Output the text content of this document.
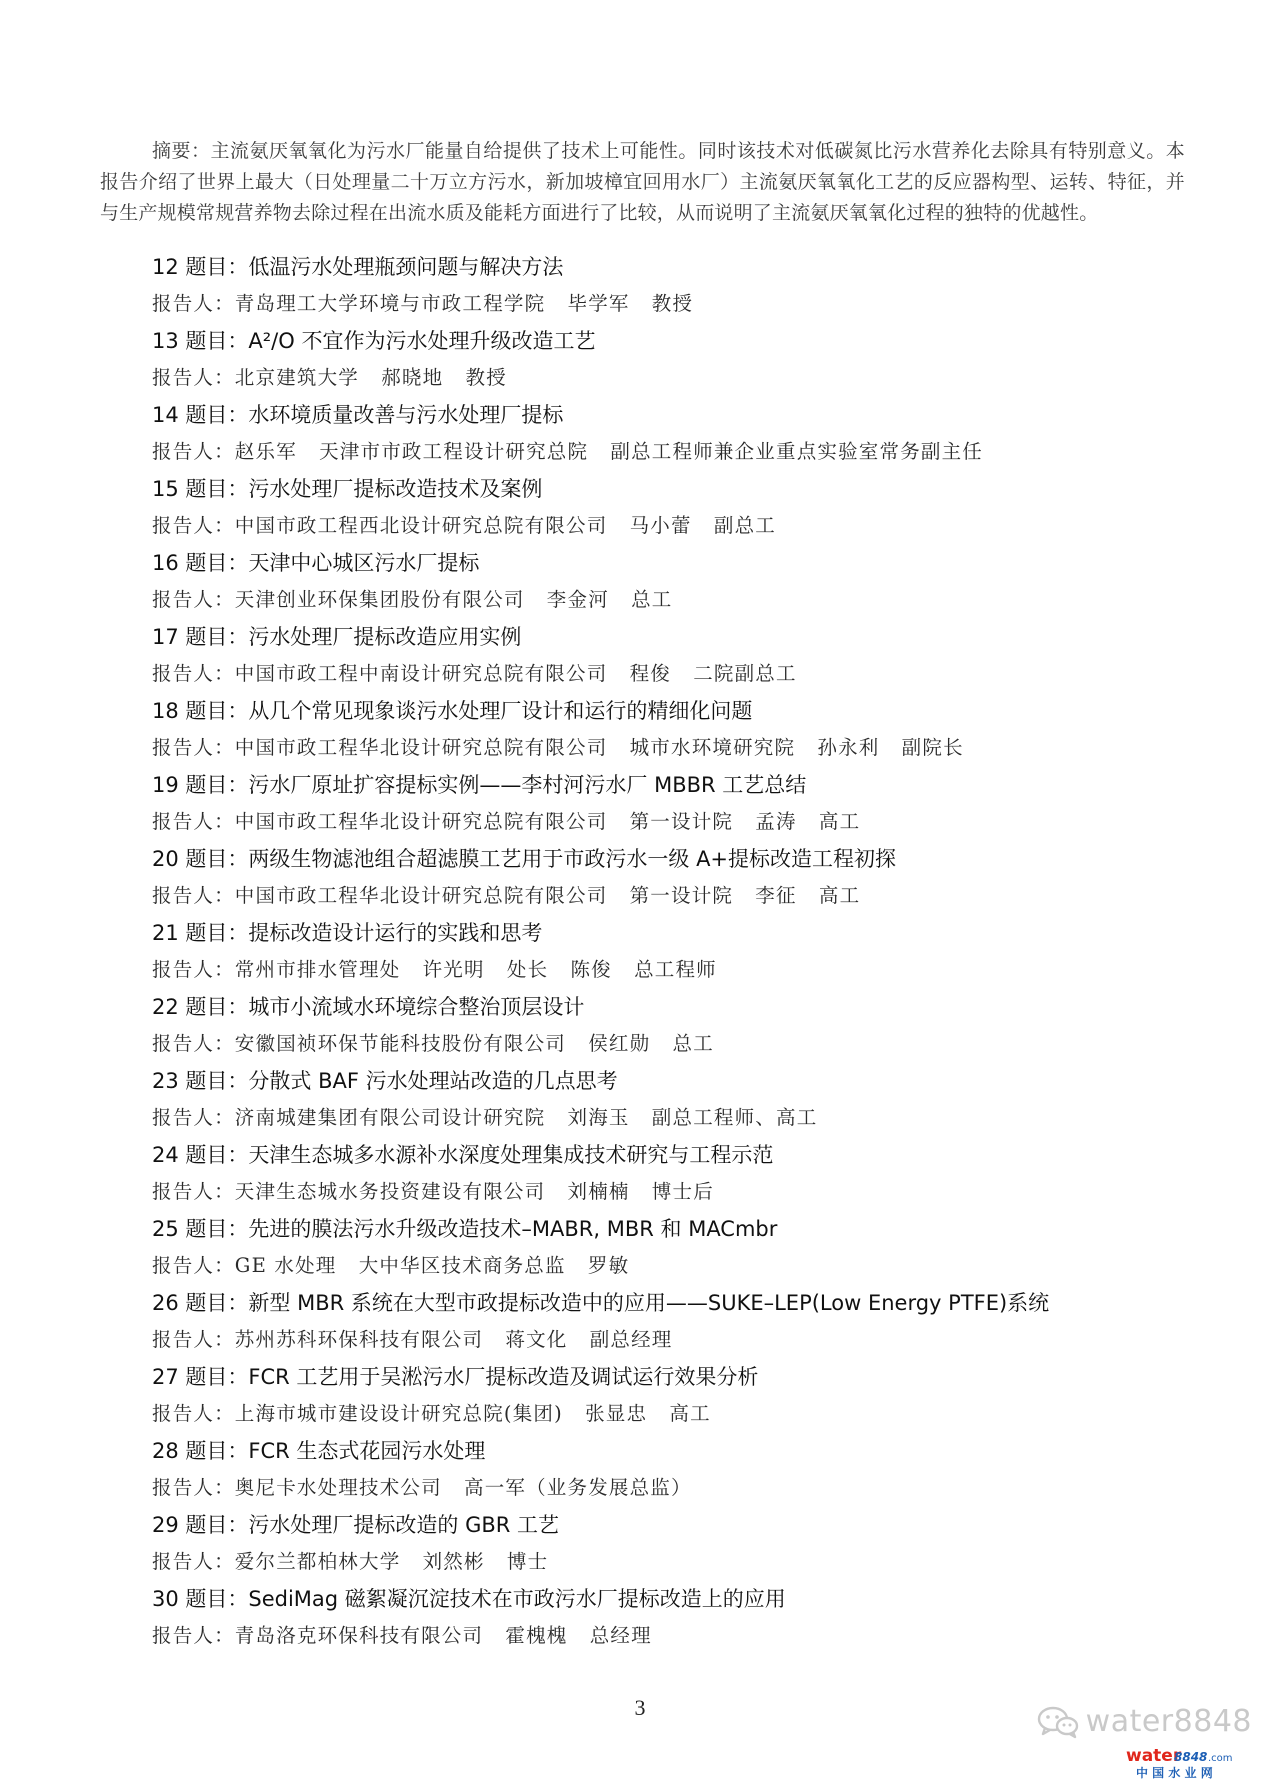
摘要：主流氨厌氧氧化为污水厂能量自给提供了技术上可能性。同时该技术对低碳氮比污水营养化去除具有特别意义。本报告介绍了世界上最大（日处理量二十万立方污水，新加坡樟宜回用水厂）主流氨厌氧氧化工艺的反应器构型、运转、特征，并与生产规模常规营养物去除过程在出流水质及能耗方面进行了比较，从而说明了主流氨厌氧氧化过程的独特的优越性。

12 题目：低温污水处理瓶颈问题与解决方法
报告人：青岛理工大学环境与市政工程学院   毕学军   教授
13 题目：A²/O 不宜作为污水处理升级改造工艺
报告人：北京建筑大学   郝晓地   教授
14 题目：水环境质量改善与污水处理厂提标
报告人：赵乐军   天津市市政工程设计研究总院   副总工程师兼企业重点实验室常务副主任
15 题目：污水处理厂提标改造技术及案例
报告人：中国市政工程西北设计研究总院有限公司   马小蕾   副总工
16 题目：天津中心城区污水厂提标
报告人：天津创业环保集团股份有限公司   李金河   总工
17 题目：污水处理厂提标改造应用实例
报告人：中国市政工程中南设计研究总院有限公司   程俊   二院副总工
18 题目：从几个常见现象谈污水处理厂设计和运行的精细化问题
报告人：中国市政工程华北设计研究总院有限公司   城市水环境研究院   孙永利   副院长
19 题目：污水厂原址扩容提标实例——李村河污水厂 MBBR 工艺总结
报告人：中国市政工程华北设计研究总院有限公司   第一设计院   孟涛   高工
20 题目：两级生物滤池组合超滤膜工艺用于市政污水一级 A+提标改造工程初探
报告人：中国市政工程华北设计研究总院有限公司   第一设计院   李征   高工
21 题目：提标改造设计运行的实践和思考
报告人：常州市排水管理处   许光明   处长   陈俊   总工程师
22 题目：城市小流域水环境综合整治顶层设计
报告人：安徽国祯环保节能科技股份有限公司   侯红勋   总工
23 题目：分散式 BAF 污水处理站改造的几点思考
报告人：济南城建集团有限公司设计研究院   刘海玉   副总工程师、高工
24 题目：天津生态城多水源补水深度处理集成技术研究与工程示范
报告人：天津生态城水务投资建设有限公司   刘楠楠   博士后
25 题目：先进的膜法污水升级改造技术–MABR, MBR 和 MACmbr
报告人：GE 水处理   大中华区技术商务总监   罗敏
26 题目：新型 MBR 系统在大型市政提标改造中的应用——SUKE–LEP(Low Energy PTFE)系统
报告人：苏州苏科环保科技有限公司   蒋文化   副总经理
27 题目：FCR 工艺用于吴淞污水厂提标改造及调试运行效果分析
报告人：上海市城市建设设计研究总院(集团)   张显忠   高工
28 题目：FCR 生态式花园污水处理
报告人：奥尼卡水处理技术公司   高一军（业务发展总监）
29 题目：污水处理厂提标改造的 GBR 工艺
报告人：爱尔兰都柏林大学   刘然彬   博士
30 题目：SediMag 磁絮凝沉淀技术在市政污水厂提标改造上的应用
报告人：青岛洛克环保科技有限公司   霍槐槐   总经理
3	water8848
water
8848 .com
中 国 水 业 网
